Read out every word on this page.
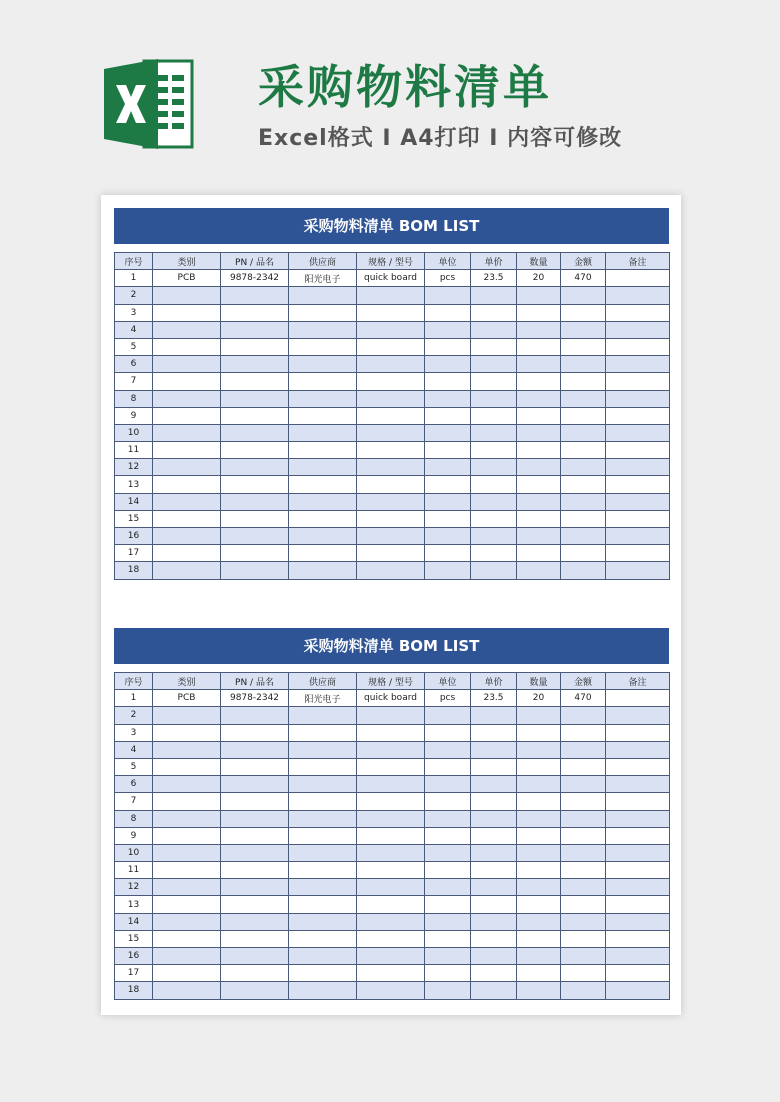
采购物料清单
Excel格式 I A4打印 I 内容可修改
采购物料清单 BOM LIST
序号	类别	PN / 品名	供应商	规格 / 型号	单位	单价	数量	金额	备注
1	PCB	9878-2342	阳光电子	quick board	pcs	23.5	20	470	
2									
3									
4									
5									
6									
7									
8									
9									
10									
11									
12									
13									
14									
15									
16									
17									
18									
采购物料清单 BOM LIST
序号	类别	PN / 品名	供应商	规格 / 型号	单位	单价	数量	金额	备注
1	PCB	9878-2342	阳光电子	quick board	pcs	23.5	20	470	
2									
3									
4									
5									
6									
7									
8									
9									
10									
11									
12									
13									
14									
15									
16									
17									
18									
